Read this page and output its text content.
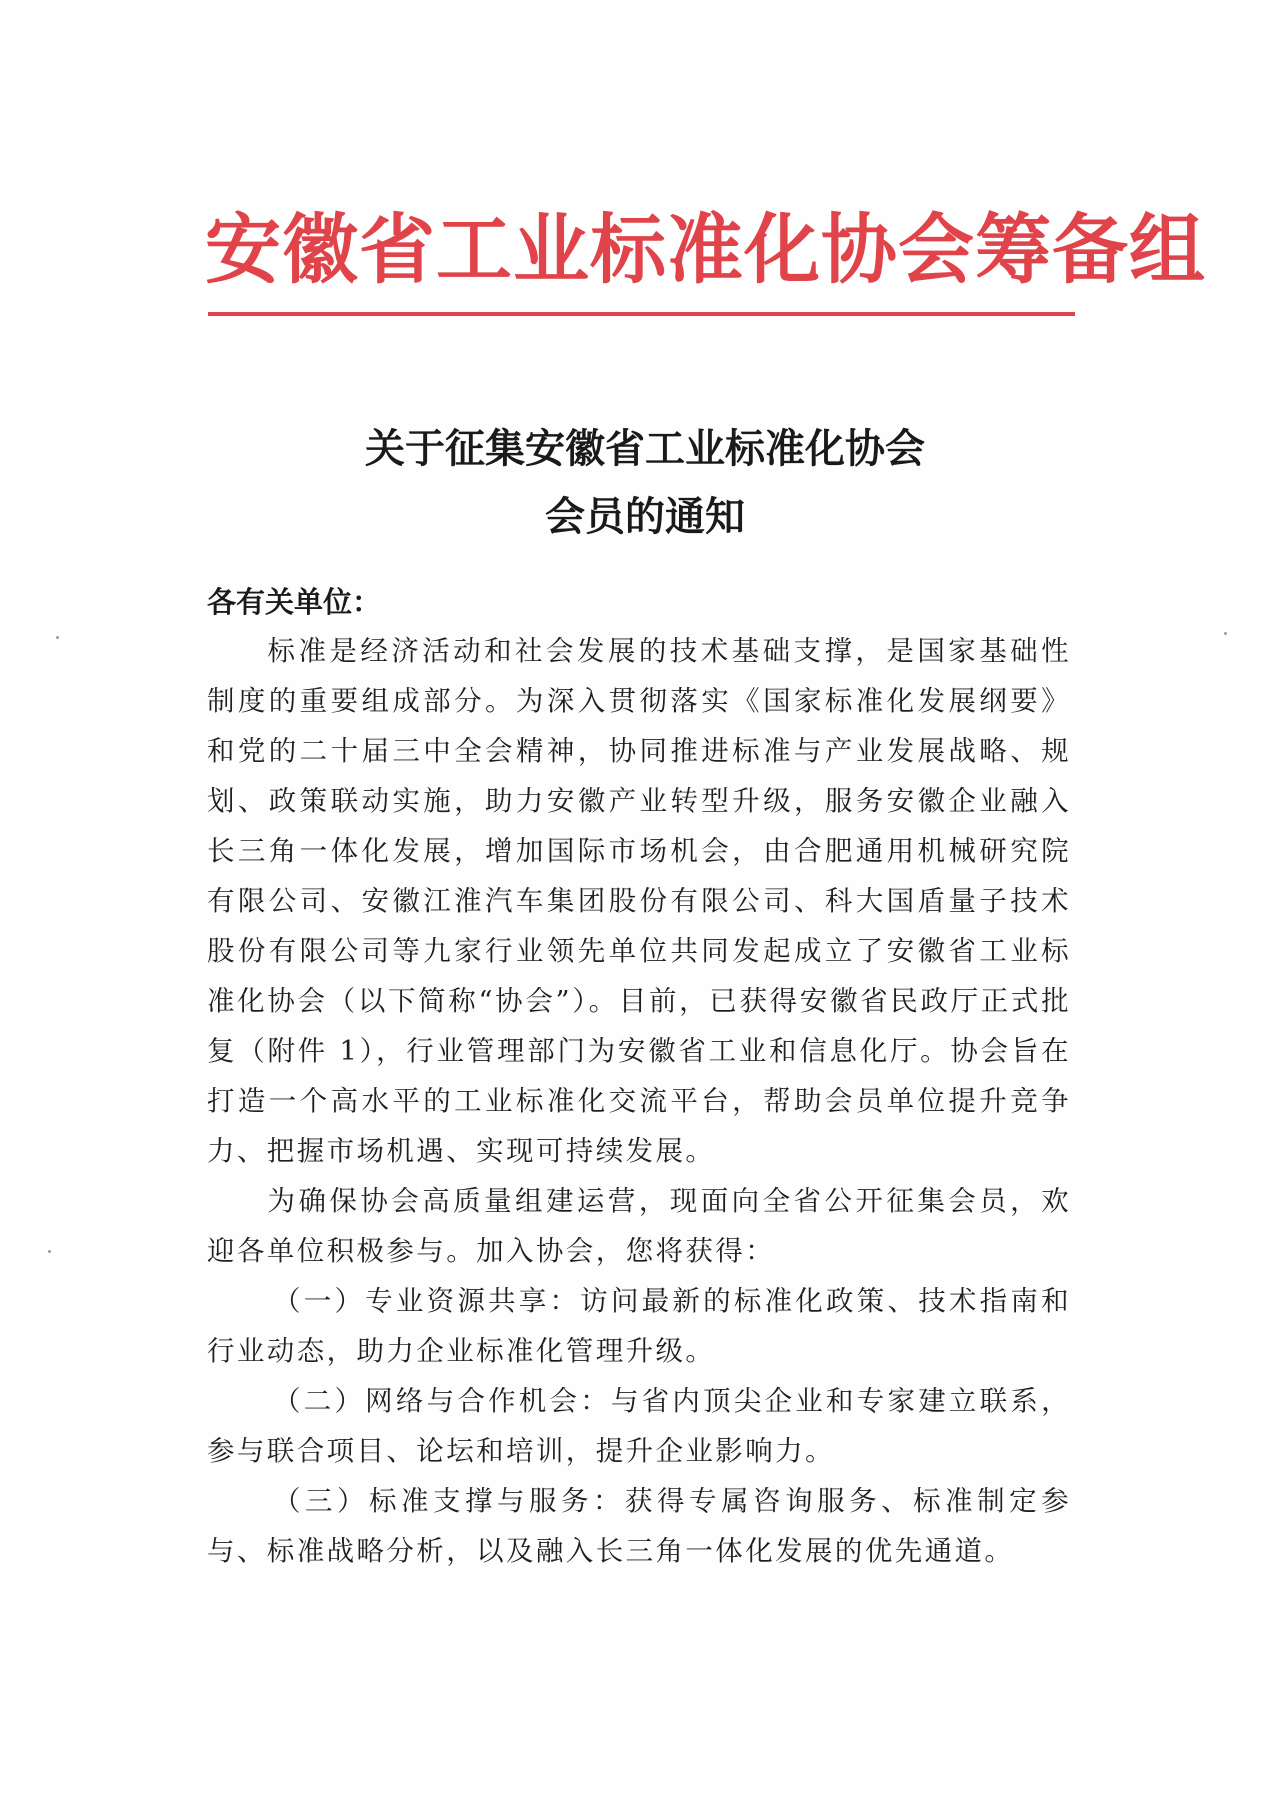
安徽省工业标准化协会筹备组
关于征集安徽省工业标准化协会
会员的通知
各有关单位：

标准是经济活动和社会发展的技术基础支撑，是国家基础性制度的重要组成部分。为深入贯彻落实《国家标准化发展纲要》和党的二十届三中全会精神，协同推进标准与产业发展战略、规划、政策联动实施，助力安徽产业转型升级，服务安徽企业融入长三角一体化发展，增加国际市场机会，由合肥通用机械研究院有限公司、安徽江淮汽车集团股份有限公司、科大国盾量子技术股份有限公司等九家行业领先单位共同发起成立了安徽省工业标准化协会（以下简称“协会”）。目前，已获得安徽省民政厅正式批复（附件 1），行业管理部门为安徽省工业和信息化厅。协会旨在打造一个高水平的工业标准化交流平台，帮助会员单位提升竞争力、把握市场机遇、实现可持续发展。

为确保协会高质量组建运营，现面向全省公开征集会员，欢迎各单位积极参与。加入协会，您将获得：

（一）专业资源共享：访问最新的标准化政策、技术指南和行业动态，助力企业标准化管理升级。

（二）网络与合作机会：与省内顶尖企业和专家建立联系，参与联合项目、论坛和培训，提升企业影响力。

（三）标准支撑与服务：获得专属咨询服务、标准制定参与、标准战略分析，以及融入长三角一体化发展的优先通道。
